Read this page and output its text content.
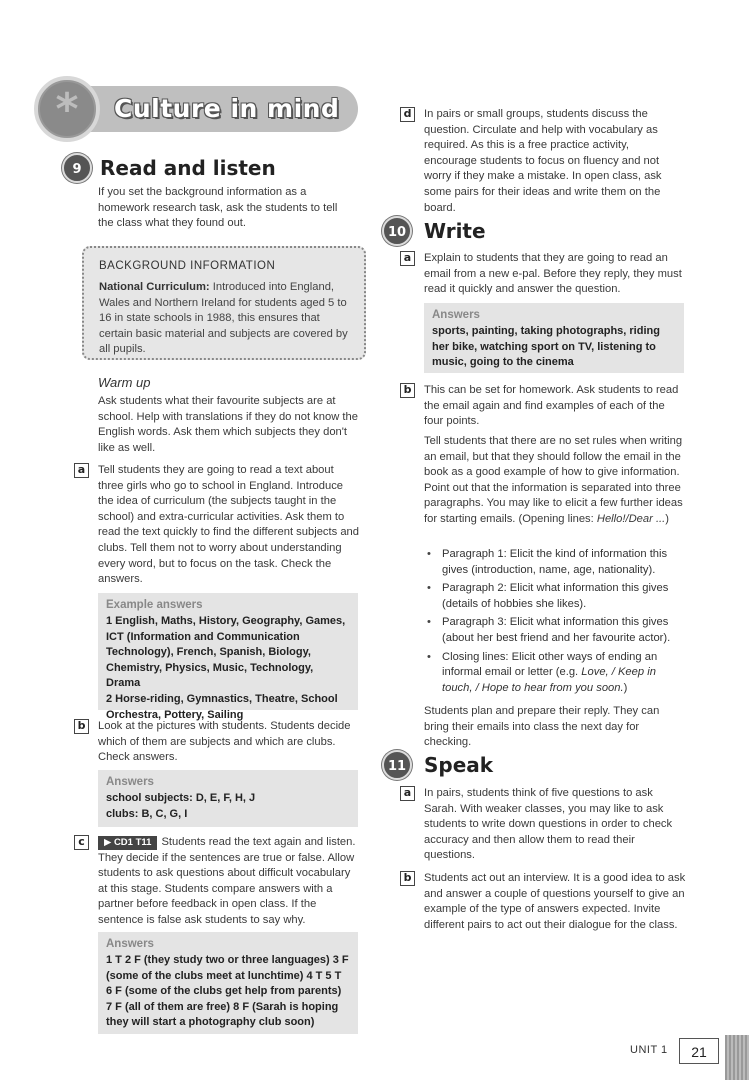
*	Culture in mind
9 Read and listen

If you set the background information as a homework research task, ask the students to tell the class what they found out.

BACKGROUND INFORMATION
National Curriculum: Introduced into England, Wales and Northern Ireland for students aged 5 to 16 in state schools in 1988, this ensures that certain basic material and subjects are covered by all pupils.
Warm up

Ask students what their favourite subjects are at school. Help with translations if they do not know the English words. Ask them which subjects they don't like as well.

a	Tell students they are going to read a text about three girls who go to school in England. Introduce the idea of curriculum (the subjects taught in the school) and extra-curricular activities. Ask them to read the text quickly to find the different subjects and clubs. Tell them not to worry about understanding every word, but to focus on the task. Check the answers.

Example answers
1 English, Maths, History, Geography, Games, ICT (Information and Communication Technology), French, Spanish, Biology, Chemistry, Physics, Music, Technology, Drama
2 Horse-riding, Gymnastics, Theatre, School Orchestra, Pottery, Sailing
b	Look at the pictures with students. Students decide which of them are subjects and which are clubs. Check answers.

Answers
school subjects: D, E, F, H, J
clubs: B, C, G, I
c	▶ CD1 T11 Students read the text again and listen. They decide if the sentences are true or false. Allow students to ask questions about difficult vocabulary at this stage. Students compare answers with a partner before feedback in open class. If the sentence is false ask students to say why.

Answers
1 T 2 F (they study two or three languages) 3 F (some of the clubs meet at lunchtime) 4 T 5 T 6 F (some of the clubs get help from parents) 7 F (all of them are free) 8 F (Sarah is hoping they will start a photography club soon)
d	In pairs or small groups, students discuss the question. Circulate and help with vocabulary as required. As this is a free practice activity, encourage students to focus on fluency and not worry if they make a mistake. In open class, ask some pairs for their ideas and write them on the board.

10 Write
a	Explain to students that they are going to read an email from a new e-pal. Before they reply, they must read it quickly and answer the question.

Answers
sports, painting, taking photographs, riding her bike, watching sport on TV, listening to music, going to the cinema
b	This can be set for homework. Ask students to read the email again and find examples of each of the four points.

Tell students that there are no set rules when writing an email, but that they should follow the email in the book as a good example of how to give information. Point out that the information is separated into three paragraphs. You may like to elicit a few further ideas for starting emails. (Opening lines: Hello!/Dear ...)

• Paragraph 1: Elicit the kind of information this gives (introduction, name, age, nationality).
• Paragraph 2: Elicit what information this gives (details of hobbies she likes).
• Paragraph 3: Elicit what information this gives (about her best friend and her favourite actor).
• Closing lines: Elicit other ways of ending an informal email or letter (e.g. Love, / Keep in touch, / Hope to hear from you soon.)

Students plan and prepare their reply. They can bring their emails into class the next day for checking.

11 Speak
a	In pairs, students think of five questions to ask Sarah. With weaker classes, you may like to ask students to write down questions in order to check accuracy and then allow them to read their questions.

b	Students act out an interview. It is a good idea to ask and answer a couple of questions yourself to give an example of the type of answers expected. Invite different pairs to act out their dialogue for the class.

UNIT 1	21
